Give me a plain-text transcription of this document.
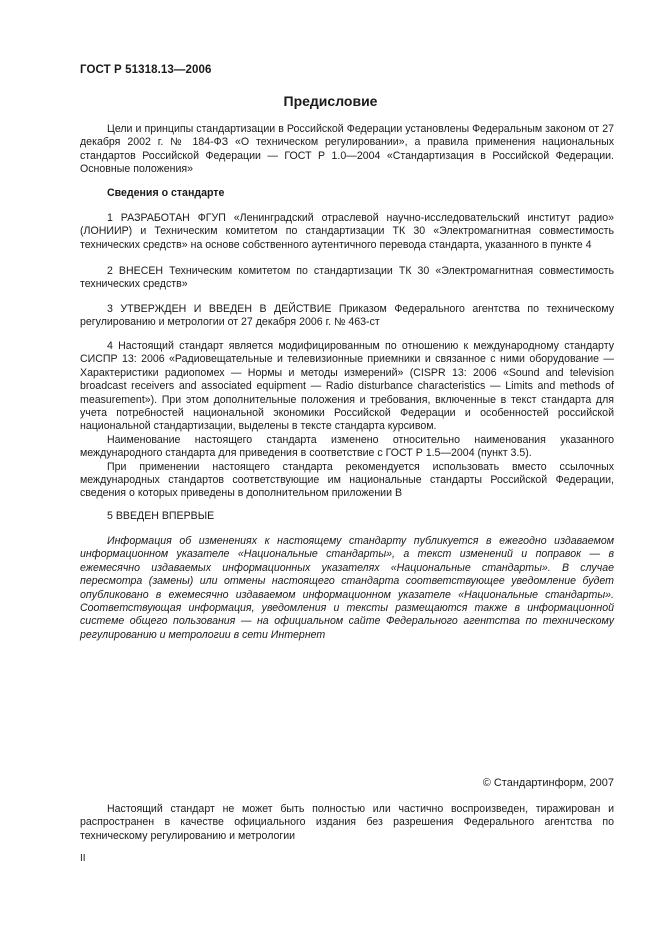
ГОСТ Р 51318.13—2006
Предисловие

Цели и принципы стандартизации в Российской Федерации установлены Федеральным законом от 27 декабря 2002 г. № 184-ФЗ «О техническом регулировании», а правила применения национальных стандартов Российской Федерации — ГОСТ Р 1.0—2004 «Стандартизация в Российской Федерации. Основные положения»

Сведения о стандарте

1 РАЗРАБОТАН ФГУП «Ленинградский отраслевой научно-исследовательский институт радио» (ЛОНИИР) и Техническим комитетом по стандартизации ТК 30 «Электромагнитная совместимость технических средств» на основе собственного аутентичного перевода стандарта, указанного в пункте 4

2 ВНЕСЕН Техническим комитетом по стандартизации ТК 30 «Электромагнитная совместимость технических средств»

3 УТВЕРЖДЕН И ВВЕДЕН В ДЕЙСТВИЕ Приказом Федерального агентства по техническому регулированию и метрологии от 27 декабря 2006 г. № 463-ст

4 Настоящий стандарт является модифицированным по отношению к международному стандарту СИСПР 13: 2006 «Радиовещательные и телевизионные приемники и связанное с ними оборудование — Характеристики радиопомех — Нормы и методы измерений» (CISPR 13: 2006 «Sound and television broadcast receivers and associated equipment — Radio disturbance characteristics — Limits and methods of measurement»). При этом дополнительные положения и требования, включенные в текст стандарта для учета потребностей национальной экономики Российской Федерации и особенностей российской национальной стандартизации, выделены в тексте стандарта курсивом.

Наименование настоящего стандарта изменено относительно наименования указанного международного стандарта для приведения в соответствие с ГОСТ Р 1.5—2004 (пункт 3.5).

При применении настоящего стандарта рекомендуется использовать вместо ссылочных международных стандартов соответствующие им национальные стандарты Российской Федерации, сведения о которых приведены в дополнительном приложении В

5 ВВЕДЕН ВПЕРВЫЕ

Информация об изменениях к настоящему стандарту публикуется в ежегодно издаваемом информационном указателе «Национальные стандарты», а текст изменений и поправок — в ежемесячно издаваемых информационных указателях «Национальные стандарты». В случае пересмотра (замены) или отмены настоящего стандарта соответствующее уведомление будет опубликовано в ежемесячно издаваемом информационном указателе «Национальные стандарты». Соответствующая информация, уведомления и тексты размещаются также в информационной системе общего пользования — на официальном сайте Федерального агентства по техническому регулированию и метрологии в сети Интернет

© Стандартинформ, 2007

Настоящий стандарт не может быть полностью или частично воспроизведен, тиражирован и распространен в качестве официального издания без разрешения Федерального агентства по техническому регулированию и метрологии

II
